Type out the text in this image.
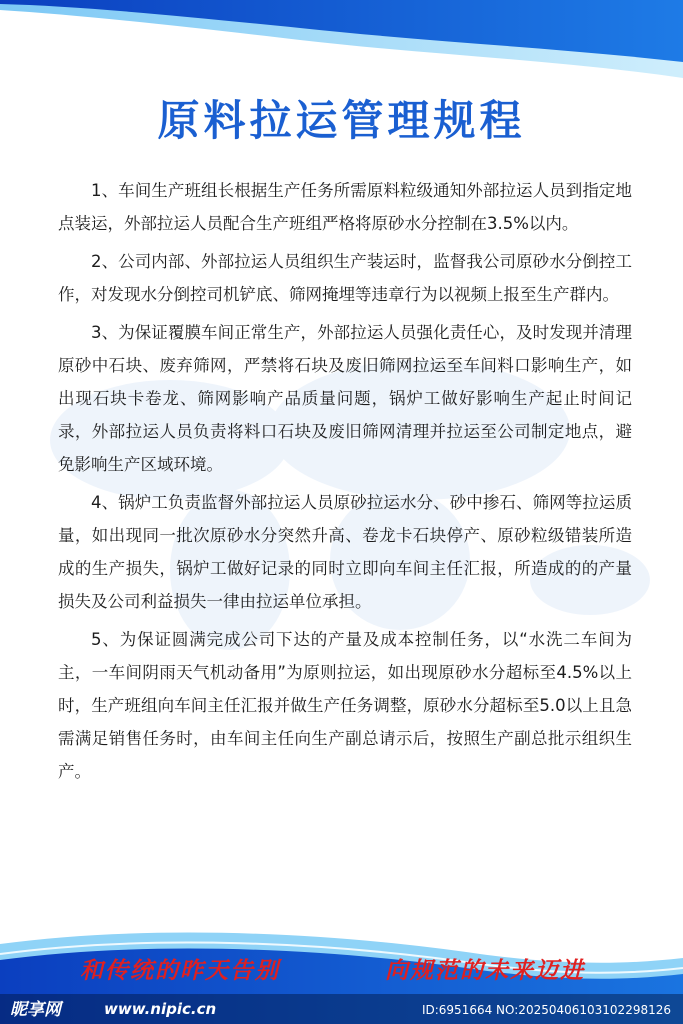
原料拉运管理规程

1、车间生产班组长根据生产任务所需原料粒级通知外部拉运人员到指定地点装运，外部拉运人员配合生产班组严格将原砂水分控制在3.5%以内。

2、公司内部、外部拉运人员组织生产装运时，监督我公司原砂水分倒控工作，对发现水分倒控司机铲底、筛网掩埋等违章行为以视频上报至生产群内。

3、为保证覆膜车间正常生产，外部拉运人员强化责任心，及时发现并清理原砂中石块、废弃筛网，严禁将石块及废旧筛网拉运至车间料口影响生产，如出现石块卡卷龙、筛网影响产品质量问题，锅炉工做好影响生产起止时间记录，外部拉运人员负责将料口石块及废旧筛网清理并拉运至公司制定地点，避免影响生产区域环境。

4、锅炉工负责监督外部拉运人员原砂拉运水分、砂中掺石、筛网等拉运质量，如出现同一批次原砂水分突然升高、卷龙卡石块停产、原砂粒级错装所造成的生产损失，锅炉工做好记录的同时立即向车间主任汇报，所造成的的产量损失及公司利益损失一律由拉运单位承担。

5、为保证圆满完成公司下达的产量及成本控制任务，以“水洗二车间为主，一车间阴雨天气机动备用”为原则拉运，如出现原砂水分超标至4.5%以上时，生产班组向车间主任汇报并做生产任务调整，原砂水分超标至5.0以上且急需满足销售任务时，由车间主任向生产副总请示后，按照生产副总批示组织生产。

和传统的昨天告别	向规范的未来迈进
昵享网	www.nipic.cn	ID:6951664 NO:20250406103102298126
